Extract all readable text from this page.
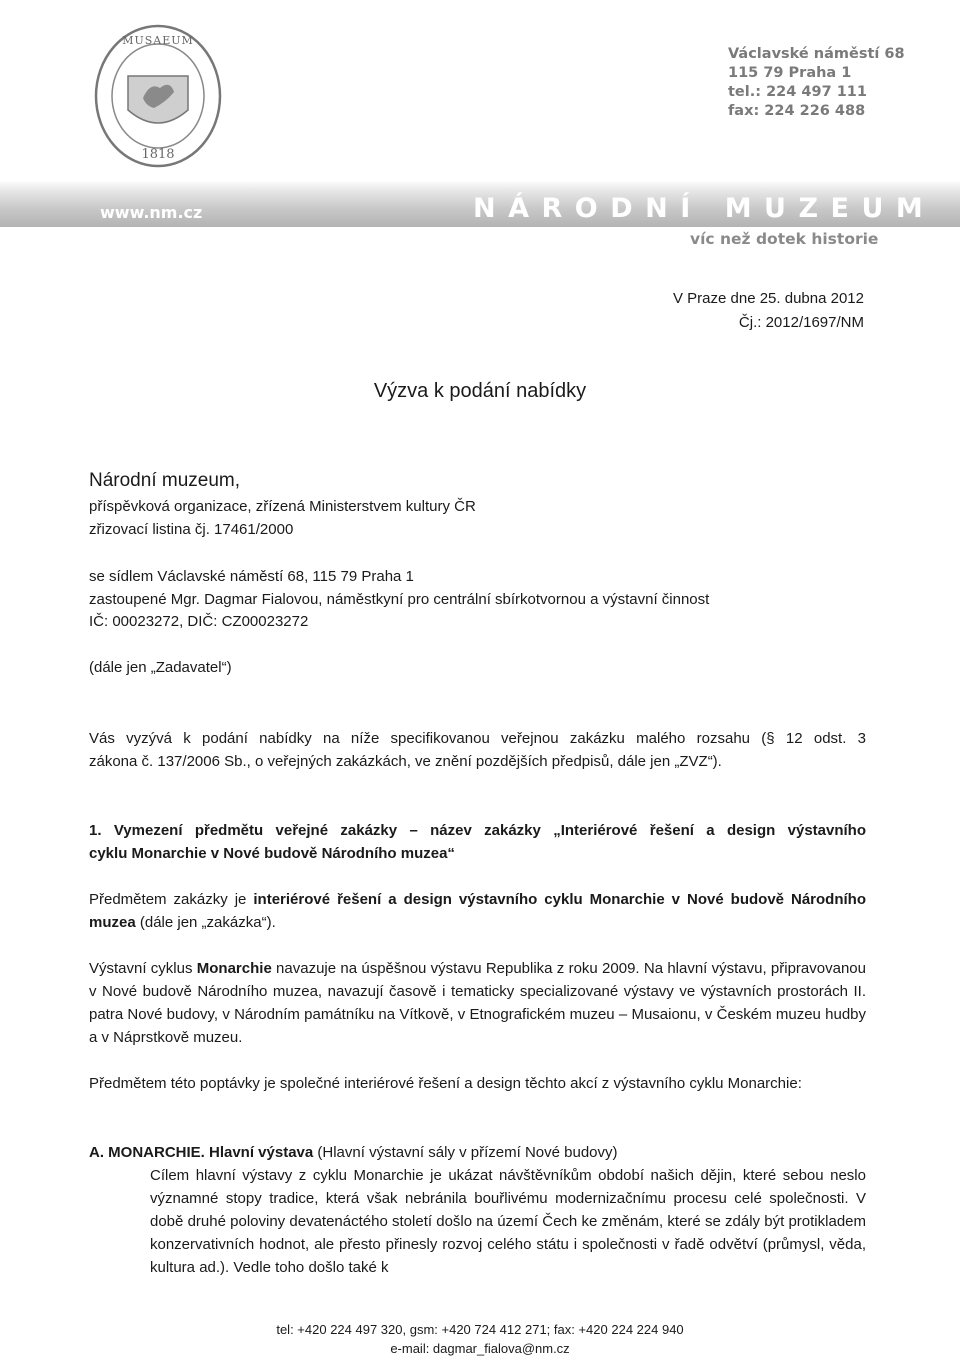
MUSAEUM
1818
Václavské náměstí 68
115 79 Praha 1
tel.: 224 497 111
fax: 224 226 488
www.nm.cz	NÁRODNÍ MUZEUM
víc než dotek historie
V Praze dne 25. dubna 2012
Čj.: 2012/1697/NM
Výzva k podání nabídky
Národní muzeum,
příspěvková organizace, zřízená Ministerstvem kultury ČR
zřizovací listina čj. 17461/2000
se sídlem Václavské náměstí 68, 115 79 Praha 1
zastoupené Mgr. Dagmar Fialovou, náměstkyní pro centrální sbírkotvornou a výstavní činnost
IČ: 00023272, DIČ: CZ00023272
(dále jen „Zadavatel“)
Vás vyzývá k podání nabídky na níže specifikovanou veřejnou zakázku malého rozsahu (§ 12 odst. 3
zákona č. 137/2006 Sb., o veřejných zakázkách, ve znění pozdějších předpisů, dále jen „ZVZ“).
1. Vymezení předmětu veřejné zakázky – název zakázky „Interiérové řešení a design výstavního
cyklu Monarchie v Nové budově Národního muzea“
Předmětem zakázky je interiérové řešení a design výstavního cyklu Monarchie v Nové budově Národního muzea (dále jen „zakázka“).
Výstavní cyklus Monarchie navazuje na úspěšnou výstavu Republika z roku 2009. Na hlavní výstavu, připravovanou v Nové budově Národního muzea, navazují časově i tematicky specializované výstavy ve výstavních prostorách II. patra Nové budovy, v Národním památníku na Vítkově, v Etnografickém muzeu – Musaionu, v Českém muzeu hudby a v Náprstkově muzeu.
Předmětem této poptávky je společné interiérové řešení a design těchto akcí z výstavního cyklu Monarchie:
A. MONARCHIE. Hlavní výstava (Hlavní výstavní sály v přízemí Nové budovy)
Cílem hlavní výstavy z cyklu Monarchie je ukázat návštěvníkům období našich dějin, které sebou neslo významné stopy tradice, která však nebránila bouřlivému modernizačnímu procesu celé společnosti. V době druhé poloviny devatenáctého století došlo na území Čech ke změnám, které se zdály být protikladem konzervativních hodnot, ale přesto přinesly rozvoj celého státu i společnosti v řadě odvětví (průmysl, věda, kultura ad.). Vedle toho došlo také k
tel: +420 224 497 320, gsm: +420 724 412 271; fax: +420 224 224 940
e-mail: dagmar_fialova@nm.cz
